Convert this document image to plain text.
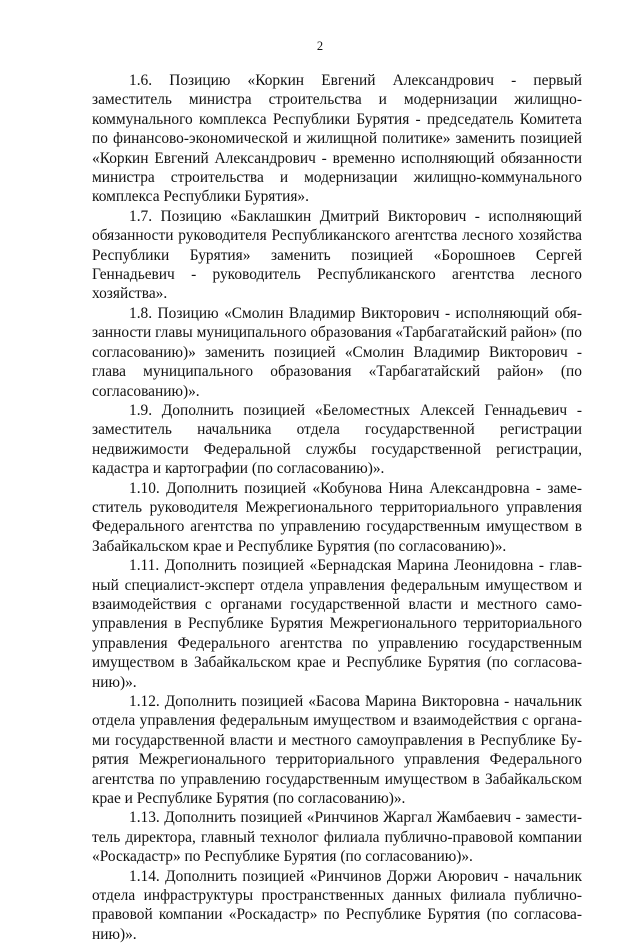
2

1.6. Позицию «Коркин Евгений Александрович - первый заместитель министра строительства и модернизации жилищно-коммунального комплекса Республики Бурятия - председатель Комитета по финансово-экономической и жилищной политике» заменить позицией «Коркин Евгений Александрович - временно исполняющий обязанности министра строительства и модернизации жилищно-коммунального комплекса Республики Бурятия».

1.7. Позицию «Баклашкин Дмитрий Викторович - исполняющий обязанности руководителя Республиканского агентства лесного хозяйства Республики Бурятия» заменить позицией «Борошноев Сергей Геннадьевич - руководитель Республиканского агентства лесного хозяйства».

1.8. Позицию «Смолин Владимир Викторович - исполняющий обязанности главы муниципального образования «Тарбагатайский район» (по согласованию)» заменить позицией «Смолин Владимир Викторович - глава муниципального образования «Тарбагатайский район» (по согласованию)».

1.9. Дополнить позицией «Беломестных Алексей Геннадьевич - заместитель начальника отдела государственной регистрации недвижимости Федеральной службы государственной регистрации, кадастра и картографии (по согласованию)».

1.10. Дополнить позицией «Кобунова Нина Александровна - заместитель руководителя Межрегионального территориального управления Федерального агентства по управлению государственным имуществом в Забайкальском крае и Республике Бурятия (по согласованию)».

1.11. Дополнить позицией «Бернадская Марина Леонидовна - главный специалист-эксперт отдела управления федеральным имуществом и взаимодействия с органами государственной власти и местного самоуправления в Республике Бурятия Межрегионального территориального управления Федерального агентства по управлению государственным имуществом в Забайкальском крае и Республике Бурятия (по согласованию)».

1.12. Дополнить позицией «Басова Марина Викторовна - начальник отдела управления федеральным имуществом и взаимодействия с органами государственной власти и местного самоуправления в Республике Бурятия Межрегионального территориального управления Федерального агентства по управлению государственным имуществом в Забайкальском крае и Республике Бурятия (по согласованию)».

1.13. Дополнить позицией «Ринчинов Жаргал Жамбаевич - заместитель директора, главный технолог филиала публично-правовой компании «Роскадастр» по Республике Бурятия (по согласованию)».

1.14. Дополнить позицией «Ринчинов Доржи Аюрович - начальник отдела инфраструктуры пространственных данных филиала публично-правовой компании «Роскадастр» по Республике Бурятия (по согласованию)».
